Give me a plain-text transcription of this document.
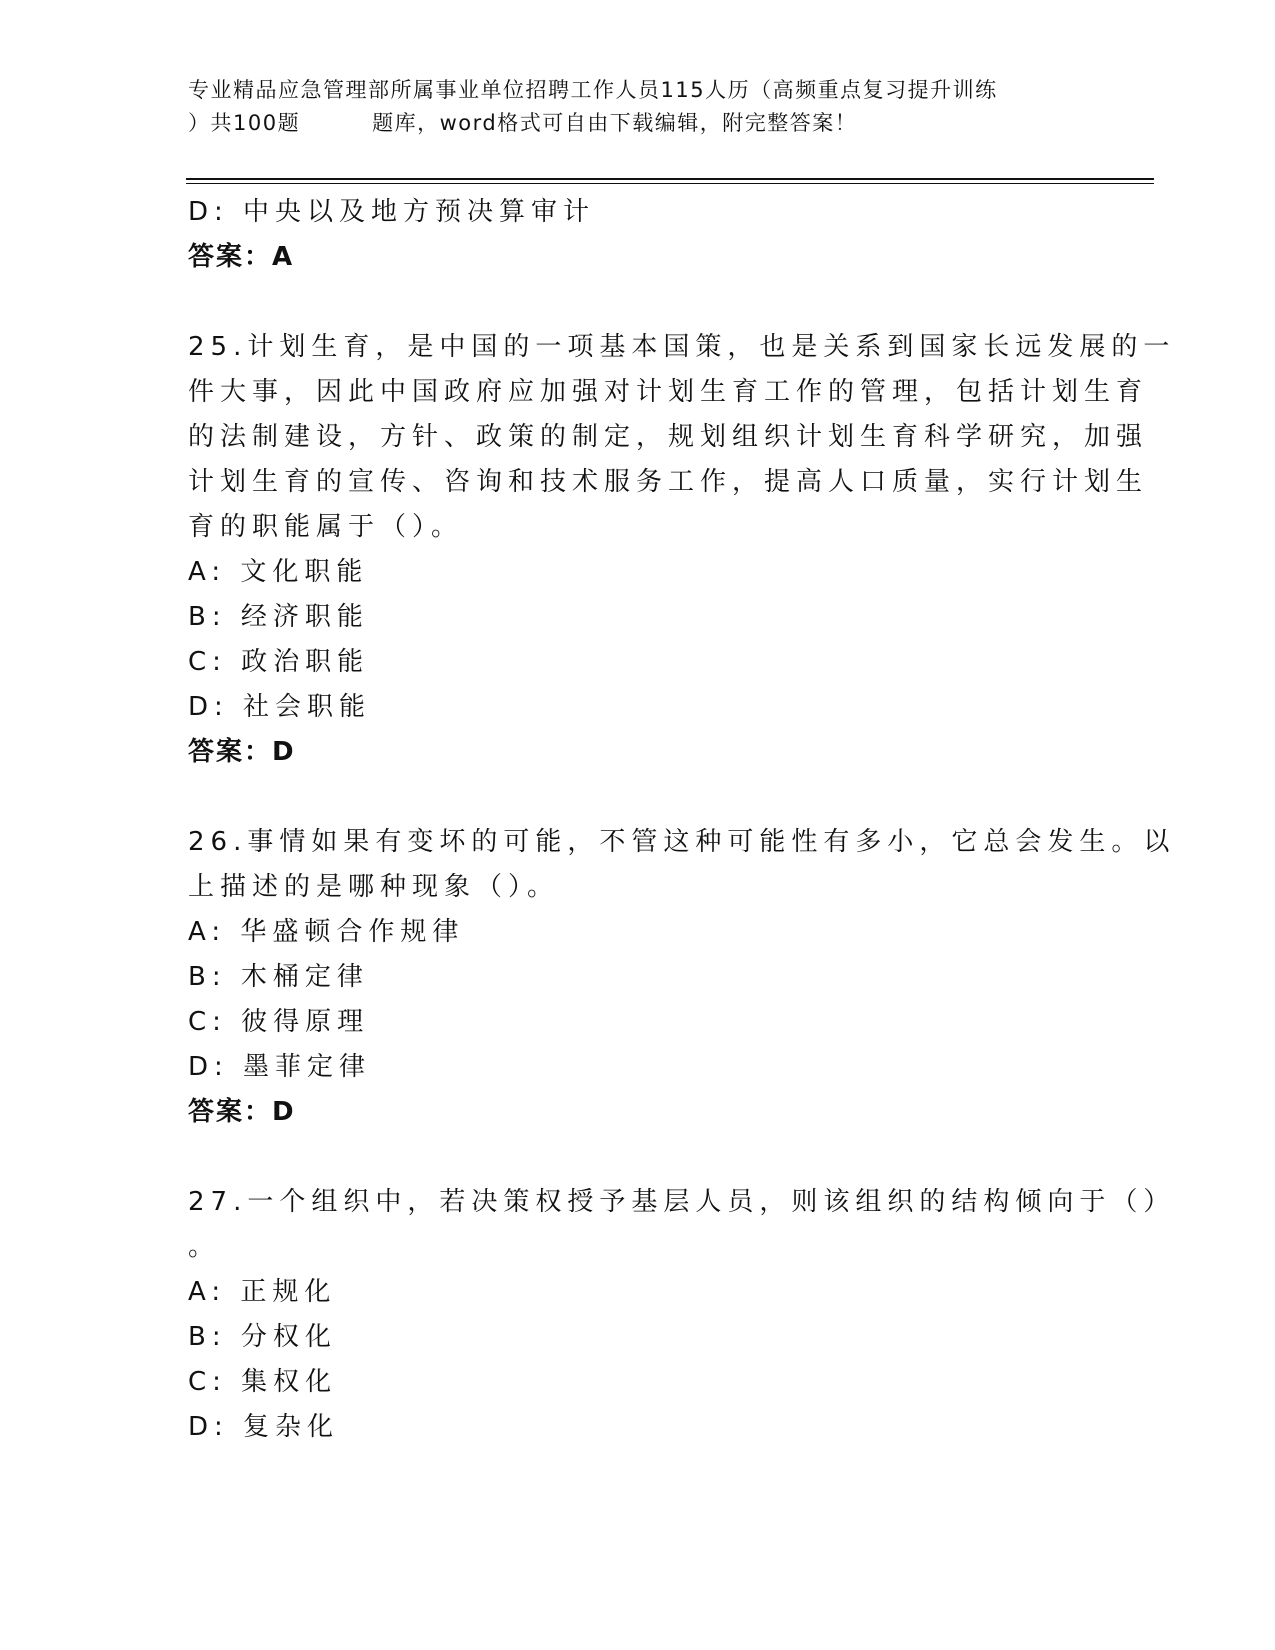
专业精品应急管理部所属事业单位招聘工作人员115人历（高频重点复习提升训练
）共100题	题库，word格式可自由下载编辑，附完整答案！
D: 中央以及地方预决算审计
答案：A
25.计划生育，是中国的一项基本国策，也是关系到国家长远发展的一
件大事，因此中国政府应加强对计划生育工作的管理，包括计划生育
的法制建设，方针、政策的制定，规划组织计划生育科学研究，加强
计划生育的宣传、咨询和技术服务工作，提高人口质量，实行计划生
育的职能属于（）。
A: 文化职能
B: 经济职能
C: 政治职能
D: 社会职能
答案：D
26.事情如果有变坏的可能，不管这种可能性有多小，它总会发生。以
上描述的是哪种现象（）。
A: 华盛顿合作规律
B: 木桶定律
C: 彼得原理
D: 墨菲定律
答案：D
27.一个组织中，若决策权授予基层人员，则该组织的结构倾向于（）
。
A: 正规化
B: 分权化
C: 集权化
D: 复杂化
